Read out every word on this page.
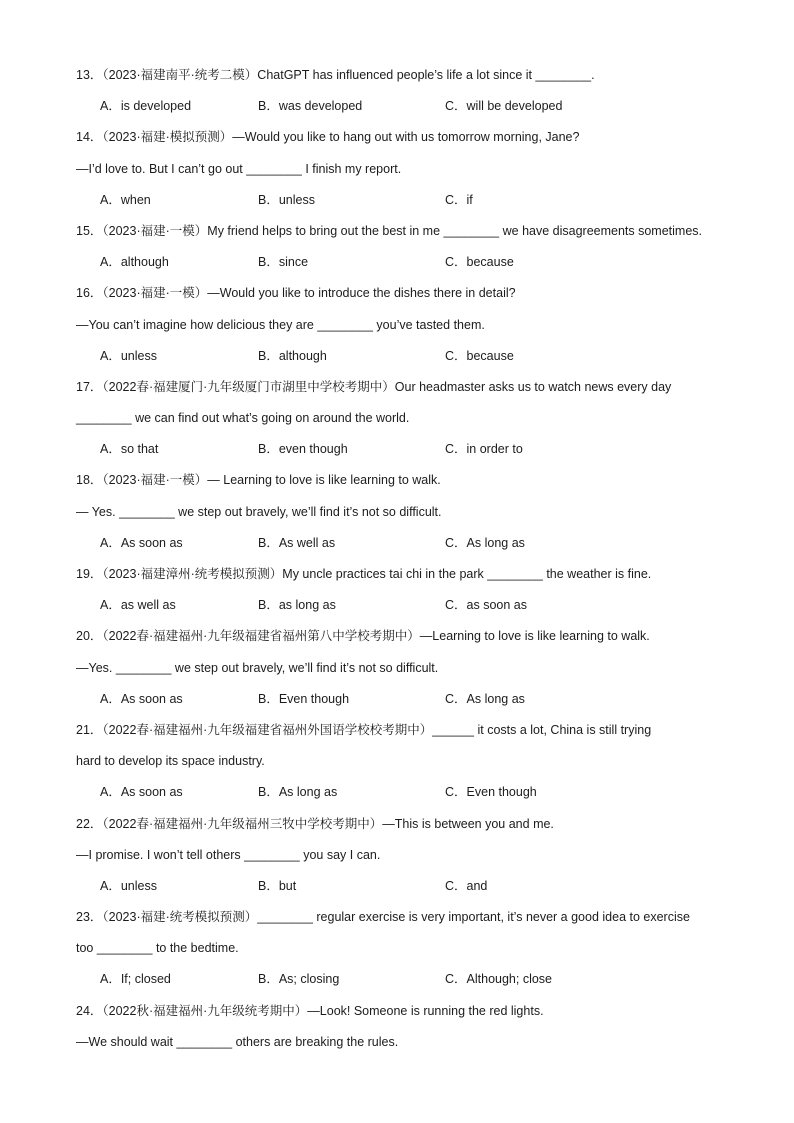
13．（2023·福建南平·统考二模）ChatGPT has influenced people’s life a lot since it ________.
A．is developed	B．was developed	C．will be developed
14．（2023·福建·模拟预测）—Would you like to hang out with us tomorrow morning, Jane?
—I’d love to. But I can’t go out ________ I finish my report.
A．when	B．unless	C．if
15．（2023·福建·一模）My friend helps to bring out the best in me ________ we have disagreements sometimes.
A．although	B．since	C．because
16．（2023·福建·一模）—Would you like to introduce the dishes there in detail?
—You can’t imagine how delicious they are ________ you’ve tasted them.
A．unless	B．although	C．because
17．（2022春·福建厦门·九年级厦门市湖里中学校考期中）Our headmaster asks us to watch news every day
________ we can find out what’s going on around the world.
A．so that	B．even though	C．in order to
18．（2023·福建·一模）— Learning to love is like learning to walk.
— Yes. ________ we step out bravely, we’ll find it’s not so difficult.
A．As soon as	B．As well as	C．As long as
19．（2023·福建漳州·统考模拟预测）My uncle practices tai chi in the park ________ the weather is fine.
A．as well as	B．as long as	C．as soon as
20．（2022春·福建福州·九年级福建省福州第八中学校考期中）—Learning to love is like learning to walk.
—Yes. ________ we step out bravely, we’ll find it’s not so difficult.
A．As soon as	B．Even though	C．As long as
21．（2022春·福建福州·九年级福建省福州外国语学校校考期中）______ it costs a lot, China is still trying
hard to develop its space industry.
A．As soon as	B．As long as	C．Even though
22．（2022春·福建福州·九年级福州三牧中学校考期中）—This is between you and me.
—I promise. I won’t tell others ________ you say I can.
A．unless	B．but	C．and
23．（2023·福建·统考模拟预测）________ regular exercise is very important, it’s never a good idea to exercise
too ________ to the bedtime.
A．If; closed	B．As; closing	C．Although; close
24．（2022秋·福建福州·九年级统考期中）—Look! Someone is running the red lights.
—We should wait ________ others are breaking the rules.
